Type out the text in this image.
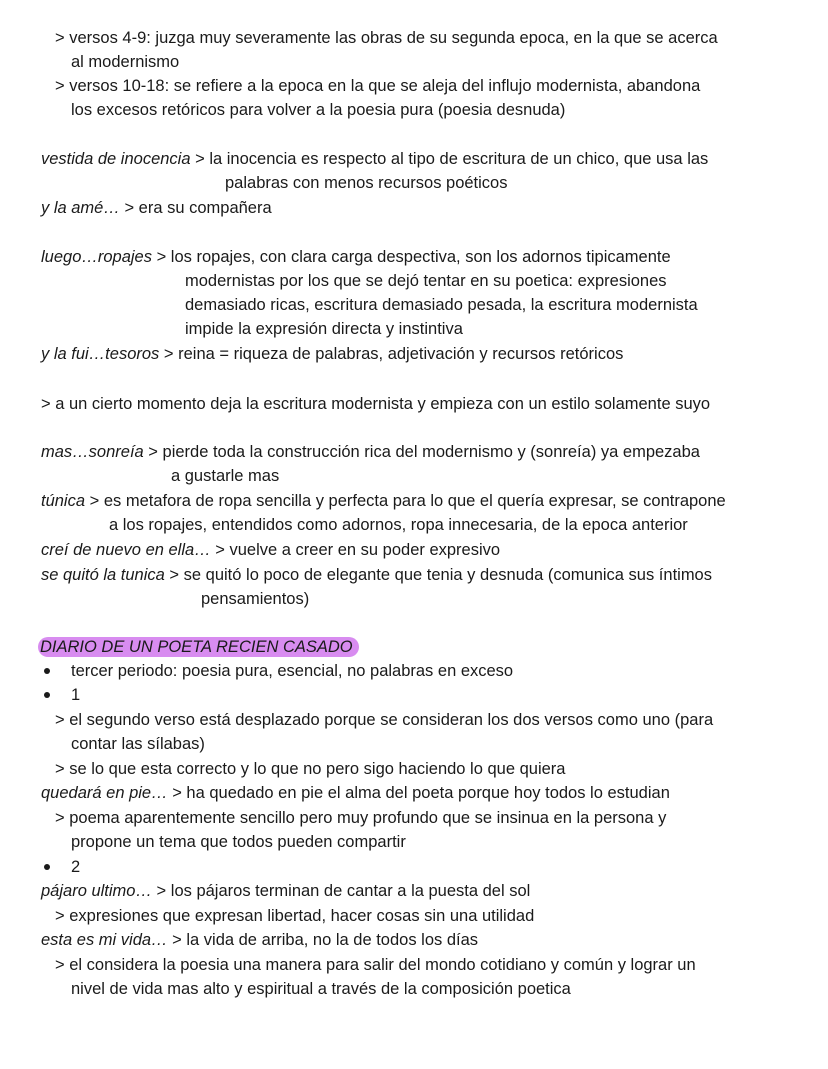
> versos 4-9: juzga muy severamente las obras de su segunda epoca, en la que se acerca
al modernismo
> versos 10-18: se refiere a la epoca en la que se aleja del influjo modernista, abandona
los excesos retóricos para volver a la poesia pura (poesia desnuda)
vestida de inocencia > la inocencia es respecto al tipo de escritura de un chico, que usa las
palabras con menos recursos poéticos
y la amé… > era su compañera
luego…ropajes > los ropajes, con clara carga despectiva, son los adornos tipicamente
modernistas por los que se dejó tentar en su poetica: expresiones
demasiado ricas, escritura demasiado pesada, la escritura modernista
impide la expresión directa y instintiva
y la fui…tesoros > reina = riqueza de palabras, adjetivación y recursos retóricos
> a un cierto momento deja la escritura modernista y empieza con un estilo solamente suyo
mas…sonreía > pierde toda la construcción rica del modernismo y (sonreía) ya empezaba
a gustarle mas
túnica > es metafora de ropa sencilla y perfecta para lo que el quería expresar, se contrapone
a los ropajes, entendidos como adornos, ropa innecesaria, de la epoca anterior
creí de nuevo en ella… > vuelve a creer en su poder expresivo
se quitó la tunica > se quitó lo poco de elegante que tenia y desnuda (comunica sus íntimos
pensamientos)
DIARIO DE UN POETA RECIEN CASADO
tercer periodo: poesia pura, esencial, no palabras en exceso
1
> el segundo verso está desplazado porque se consideran los dos versos como uno (para
contar las sílabas)
> se lo que esta correcto y lo que no pero sigo haciendo lo que quiera
quedará en pie… > ha quedado en pie el alma del poeta porque hoy todos lo estudian
> poema aparentemente sencillo pero muy profundo que se insinua en la persona y
propone un tema que todos pueden compartir
2
pájaro ultimo… > los pájaros terminan de cantar a la puesta del sol
> expresiones que expresan libertad, hacer cosas sin una utilidad
esta es mi vida… > la vida de arriba, no la de todos los días
> el considera la poesia una manera para salir del mondo cotidiano y común y lograr un
nivel de vida mas alto y espiritual a través de la composición poetica
